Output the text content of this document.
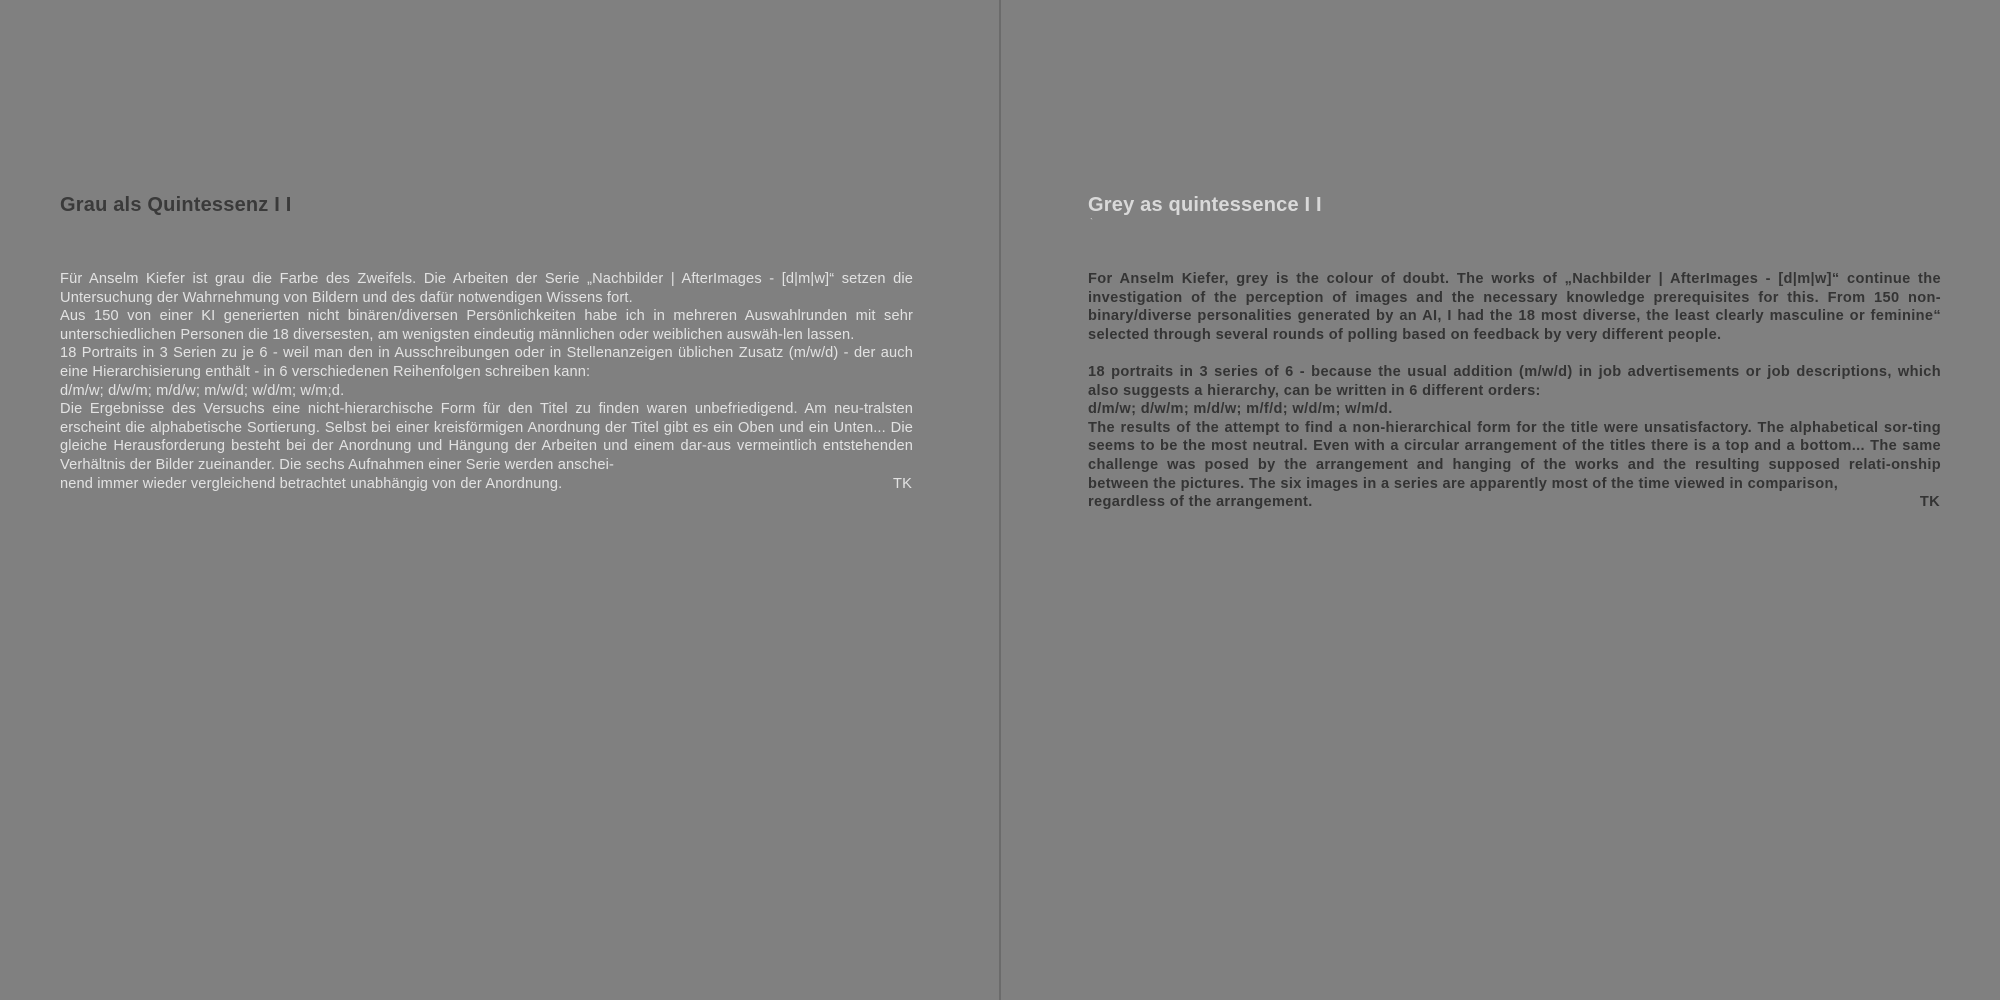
Grau als Quintessenz I I

Für Anselm Kiefer ist grau die Farbe des Zweifels. Die Arbeiten der Serie „Nachbilder | AfterImages - [d|m|w]“ setzen die Untersuchung der Wahrnehmung von Bildern und des dafür notwendigen Wissens fort.

Aus 150 von einer KI generierten nicht binären/diversen Persönlichkeiten habe ich in mehreren Auswahlrunden mit sehr unterschiedlichen Personen die 18 diversesten, am wenigsten eindeutig männlichen oder weiblichen auswäh-len lassen.

18 Portraits in 3 Serien zu je 6 - weil man den in Ausschreibungen oder in Stellenanzeigen üblichen Zusatz (m/w/d) - der auch eine Hierarchisierung enthält - in 6 verschiedenen Reihenfolgen schreiben kann:

d/m/w; d/w/m; m/d/w; m/w/d; w/d/m; w/m;d.

Die Ergebnisse des Versuchs eine nicht-hierarchische Form für den Titel zu finden waren unbefriedigend. Am neu-tralsten erscheint die alphabetische Sortierung. Selbst bei einer kreisförmigen Anordnung der Titel gibt es ein Oben und ein Unten... Die gleiche Herausforderung besteht bei der Anordnung und Hängung der Arbeiten und einem dar-aus vermeintlich entstehenden Verhältnis der Bilder zueinander. Die sechs Aufnahmen einer Serie werden anschei-

nend immer wieder vergleichend betrachtet unabhängig von der Anordnung.	TK
Grey as quintessence I I
`

For Anselm Kiefer, grey is the colour of doubt. The works of „Nachbilder | AfterImages - [d|m|w]“ continue the investigation of the perception of images and the necessary knowledge prerequisites for this. From 150 non-binary/diverse personalities generated by an AI, I had the 18 most diverse, the least clearly masculine or feminine“ selected through several rounds of polling based on feedback by very different people.

18 portraits in 3 series of 6 - because the usual addition (m/w/d) in job advertisements or job descriptions, which also suggests a hierarchy, can be written in 6 different orders:

d/m/w; d/w/m; m/d/w; m/f/d; w/d/m; w/m/d.

The results of the attempt to find a non-hierarchical form for the title were unsatisfactory. The alphabetical sor-ting seems to be the most neutral. Even with a circular arrangement of the titles there is a top and a bottom... The same challenge was posed by the arrangement and hanging of the works and the resulting supposed relati-onship between the pictures. The six images in a series are apparently most of the time viewed in comparison,

regardless of the arrangement.	TK
